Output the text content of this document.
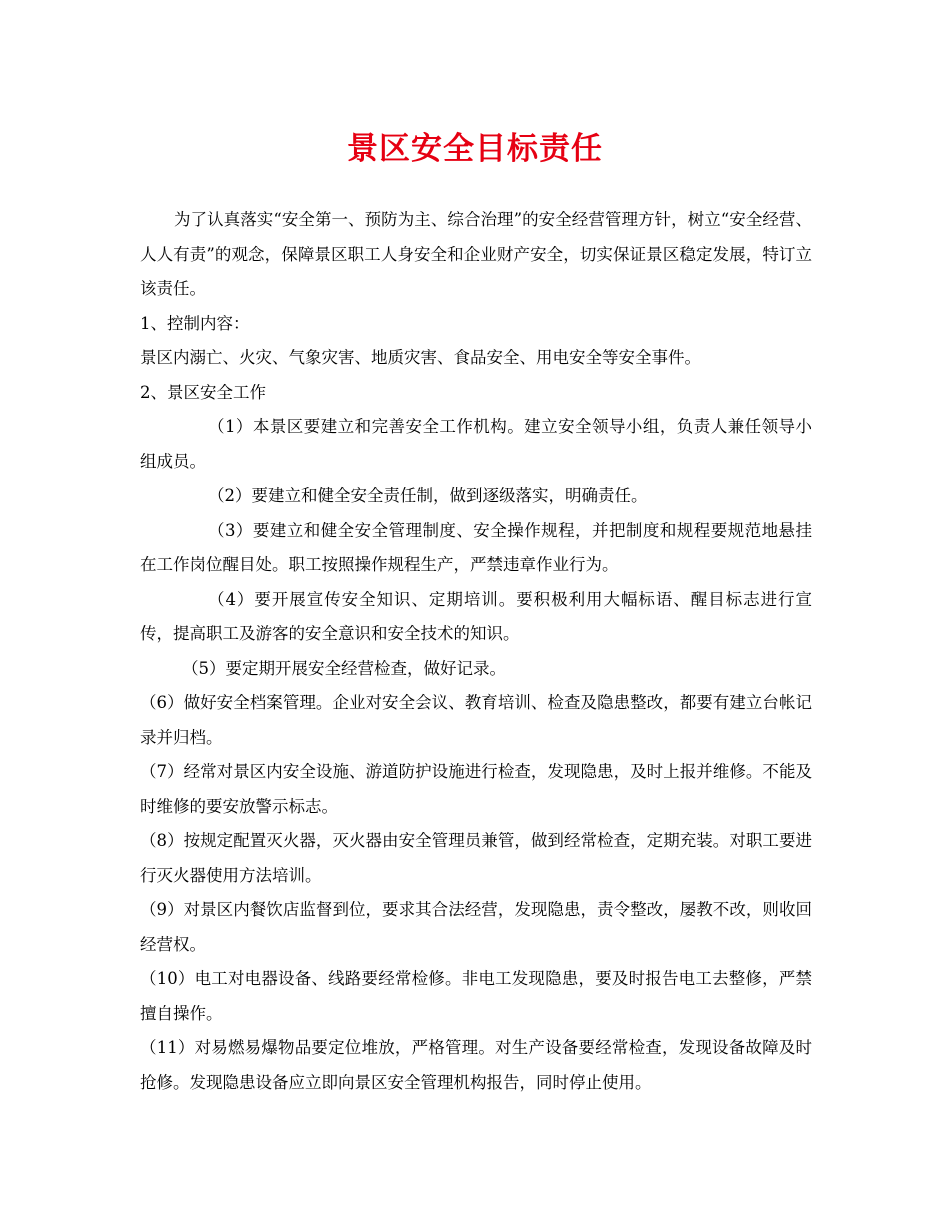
景区安全目标责任

为了认真落实“安全第一、预防为主、综合治理”的安全经营管理方针，树立“安全经营、人人有责”的观念，保障景区职工人身安全和企业财产安全，切实保证景区稳定发展，特订立该责任。

1、控制内容：

景区内溺亡、火灾、气象灾害、地质灾害、食品安全、用电安全等安全事件。

2、景区安全工作

（1）本景区要建立和完善安全工作机构。建立安全领导小组，负责人兼任领导小组成员。

（2）要建立和健全安全责任制，做到逐级落实，明确责任。

（3）要建立和健全安全管理制度、安全操作规程，并把制度和规程要规范地悬挂在工作岗位醒目处。职工按照操作规程生产，严禁违章作业行为。

（4）要开展宣传安全知识、定期培训。要积极利用大幅标语、醒目标志进行宣传，提高职工及游客的安全意识和安全技术的知识。

（5）要定期开展安全经营检查，做好记录。

（6）做好安全档案管理。企业对安全会议、教育培训、检查及隐患整改，都要有建立台帐记录并归档。

（7）经常对景区内安全设施、游道防护设施进行检查，发现隐患，及时上报并维修。不能及时维修的要安放警示标志。

（8）按规定配置灭火器，灭火器由安全管理员兼管，做到经常检查，定期充装。对职工要进行灭火器使用方法培训。

（9）对景区内餐饮店监督到位，要求其合法经营，发现隐患，责令整改，屡教不改，则收回经营权。

（10）电工对电器设备、线路要经常检修。非电工发现隐患，要及时报告电工去整修，严禁擅自操作。

（11）对易燃易爆物品要定位堆放，严格管理。对生产设备要经常检查，发现设备故障及时抢修。发现隐患设备应立即向景区安全管理机构报告，同时停止使用。
